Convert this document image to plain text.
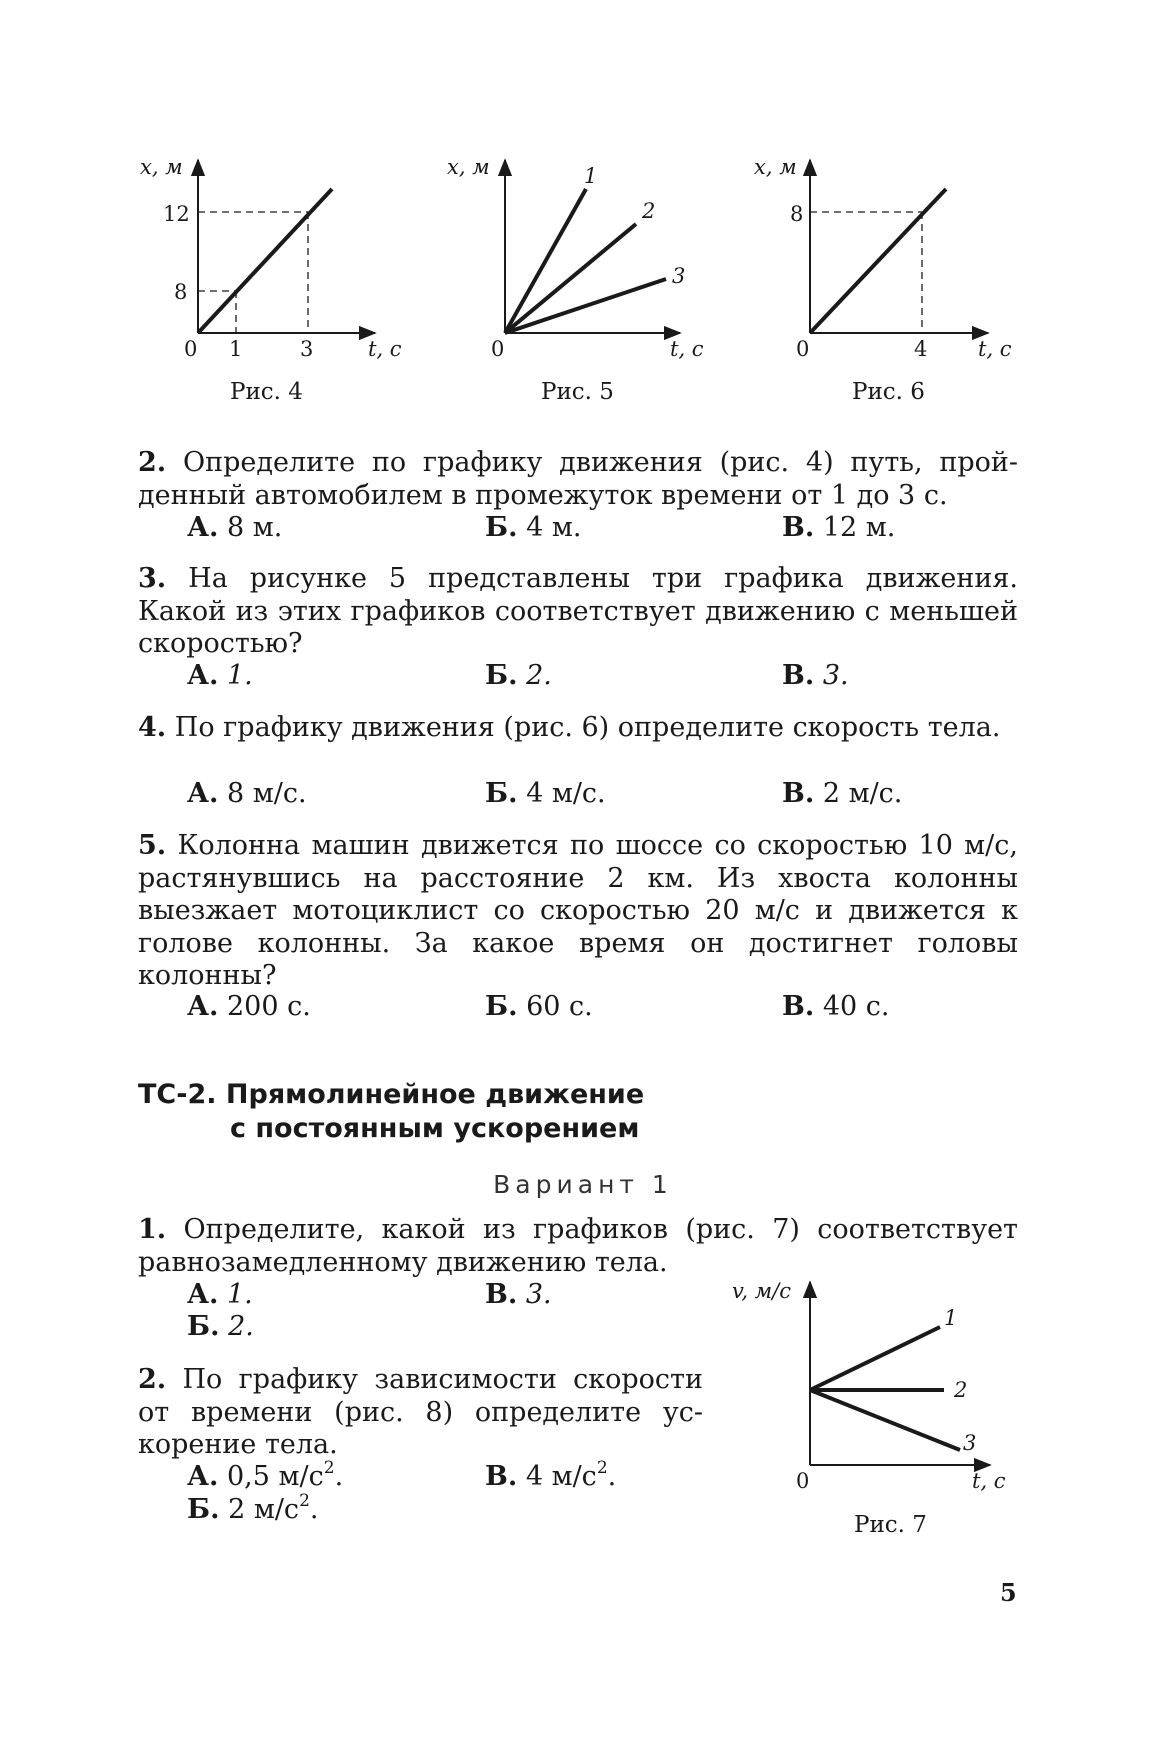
x, м
12
8
0 1	3	t, c
Рис. 4
1
2
3
x, м
0	t, c
Рис. 5
x, м
8
0	4 t, c
Рис. 6
2. Определите по графику движения (рис. 4) путь, пройденный автомобилем в промежуток времени от 1 до 3 с.
А. 8 м.	Б. 4 м.	В. 12 м.
3. На рисунке 5 представлены три графика движения. Какой из этих графиков соответствует движению с меньшей скоростью?
А. 1.	Б. 2.	В. 3.
4. По графику движения (рис. 6) определите скорость тела.
А. 8 м/с.	Б. 4 м/с.	В. 2 м/с.
5. Колонна машин движется по шоссе со скоростью 10 м/с, растянувшись на расстояние 2 км. Из хвоста колонны выезжает мотоциклист со скоростью 20 м/с и движется к голове колонны. За какое время он достигнет головы колонны?
А. 200 с.	Б. 60 с.	В. 40 с.
ТС-2. Прямолинейное движение
с постоянным ускорением
Вариант 1
1. Определите, какой из графиков (рис. 7) соответствует равнозамедленному движению тела.
А. 1.	В. 3.
Б. 2.
2. По графику зависимости скорости от времени (рис. 8) определите ускорение тела.
А. 0,5 $м/с^2$.	В. 4 $м/с^2$.
Б. 2 $м/с^2$.
1
2
3
v, м/c
0	t, c
Рис. 7
5
